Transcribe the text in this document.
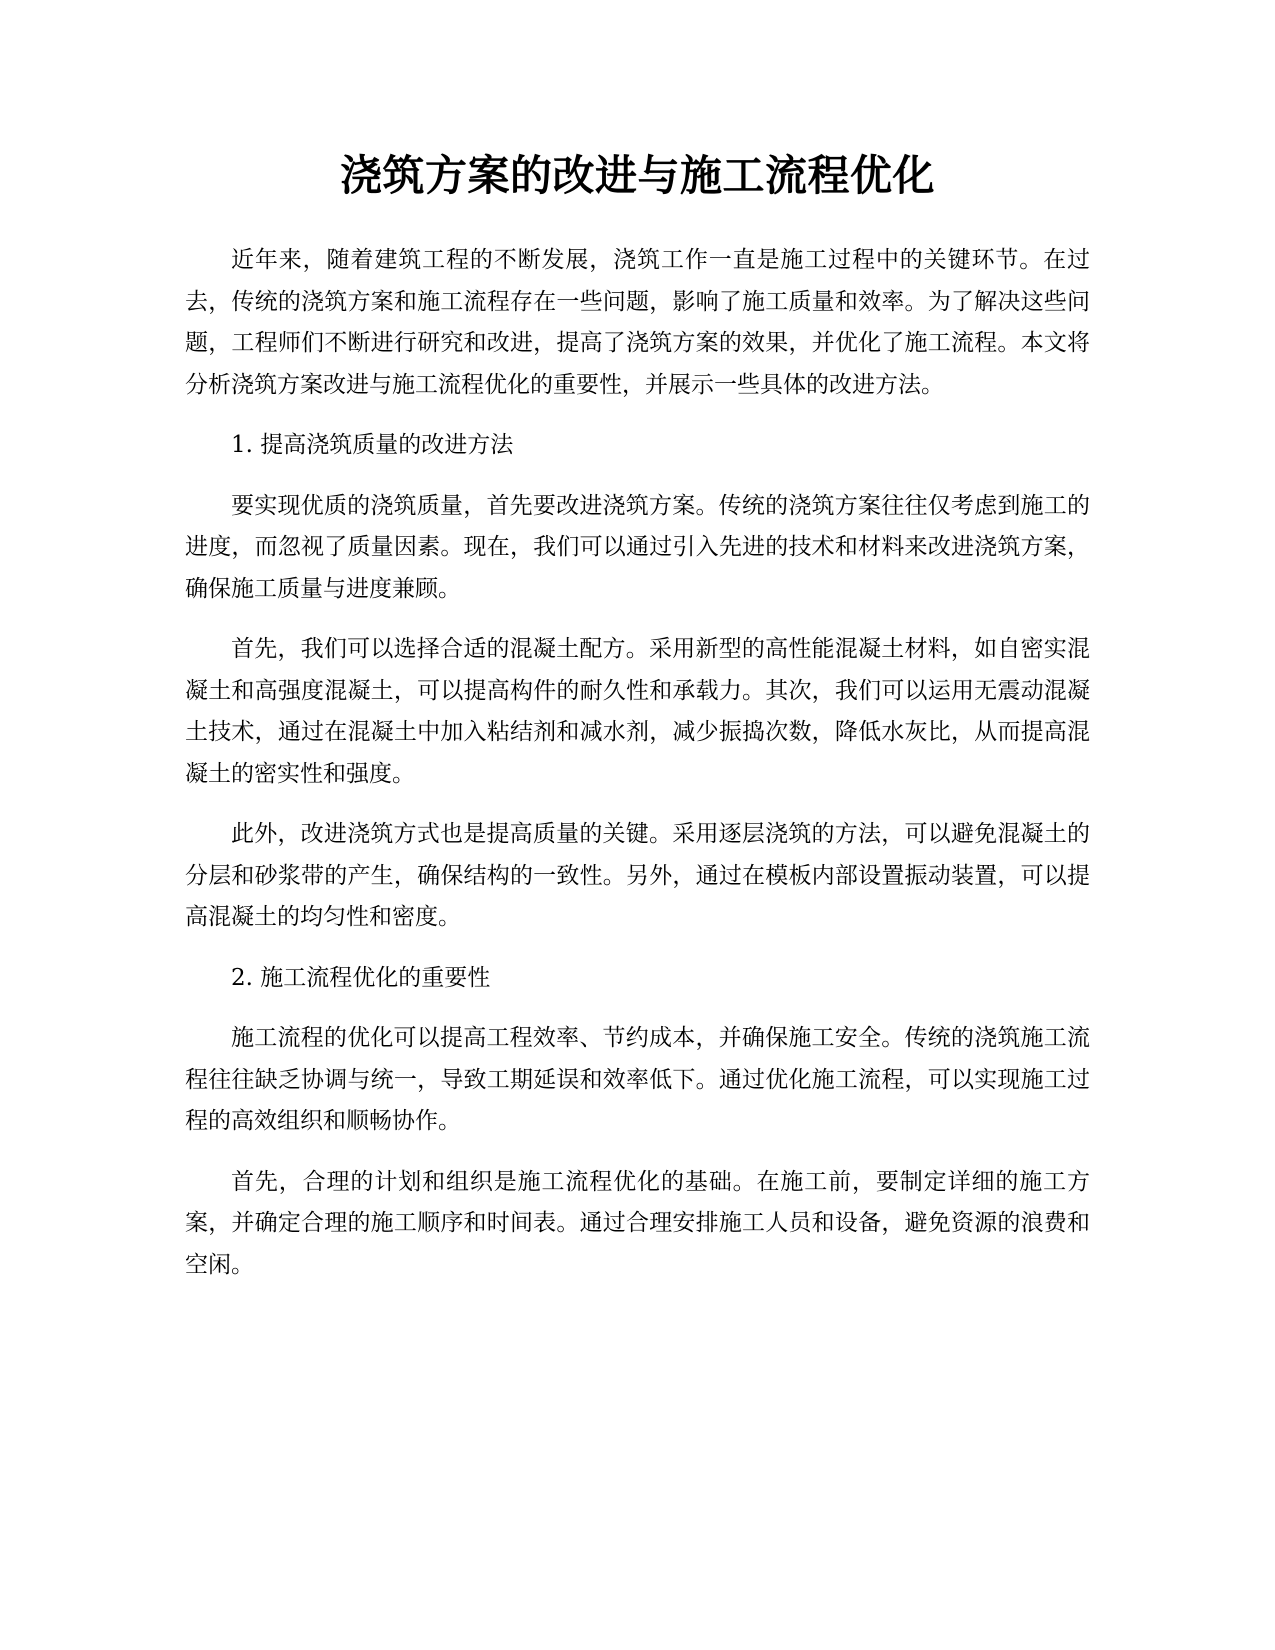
浇筑方案的改进与施工流程优化

近年来，随着建筑工程的不断发展，浇筑工作一直是施工过程中的关键环节。在过去，传统的浇筑方案和施工流程存在一些问题，影响了施工质量和效率。为了解决这些问题，工程师们不断进行研究和改进，提高了浇筑方案的效果，并优化了施工流程。本文将分析浇筑方案改进与施工流程优化的重要性，并展示一些具体的改进方法。

1. 提高浇筑质量的改进方法

要实现优质的浇筑质量，首先要改进浇筑方案。传统的浇筑方案往往仅考虑到施工的进度，而忽视了质量因素。现在，我们可以通过引入先进的技术和材料来改进浇筑方案，确保施工质量与进度兼顾。

首先，我们可以选择合适的混凝土配方。采用新型的高性能混凝土材料，如自密实混凝土和高强度混凝土，可以提高构件的耐久性和承载力。其次，我们可以运用无震动混凝土技术，通过在混凝土中加入粘结剂和减水剂，减少振捣次数，降低水灰比，从而提高混凝土的密实性和强度。

此外，改进浇筑方式也是提高质量的关键。采用逐层浇筑的方法，可以避免混凝土的分层和砂浆带的产生，确保结构的一致性。另外，通过在模板内部设置振动装置，可以提高混凝土的均匀性和密度。

2. 施工流程优化的重要性

施工流程的优化可以提高工程效率、节约成本，并确保施工安全。传统的浇筑施工流程往往缺乏协调与统一，导致工期延误和效率低下。通过优化施工流程，可以实现施工过程的高效组织和顺畅协作。

首先，合理的计划和组织是施工流程优化的基础。在施工前，要制定详细的施工方案，并确定合理的施工顺序和时间表。通过合理安排施工人员和设备，避免资源的浪费和空闲。
